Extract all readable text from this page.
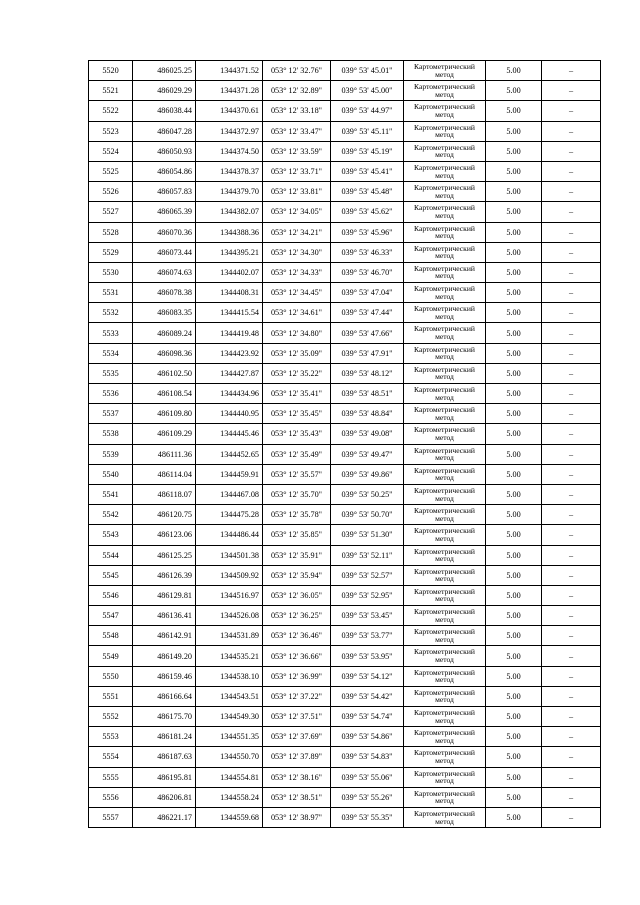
5520	486025.25	1344371.52	053° 12' 32.76"	039° 53' 45.01"	Картометрический метод	5.00	–
5521	486029.29	1344371.28	053° 12' 32.89"	039° 53' 45.00"	Картометрический метод	5.00	–
5522	486038.44	1344370.61	053° 12' 33.18"	039° 53' 44.97"	Картометрический метод	5.00	–
5523	486047.28	1344372.97	053° 12' 33.47"	039° 53' 45.11"	Картометрический метод	5.00	–
5524	486050.93	1344374.50	053° 12' 33.59"	039° 53' 45.19"	Картометрический метод	5.00	–
5525	486054.86	1344378.37	053° 12' 33.71"	039° 53' 45.41"	Картометрический метод	5.00	–
5526	486057.83	1344379.70	053° 12' 33.81"	039° 53' 45.48"	Картометрический метод	5.00	–
5527	486065.39	1344382.07	053° 12' 34.05"	039° 53' 45.62"	Картометрический метод	5.00	–
5528	486070.36	1344388.36	053° 12' 34.21"	039° 53' 45.96"	Картометрический метод	5.00	–
5529	486073.44	1344395.21	053° 12' 34.30"	039° 53' 46.33"	Картометрический метод	5.00	–
5530	486074.63	1344402.07	053° 12' 34.33"	039° 53' 46.70"	Картометрический метод	5.00	–
5531	486078.38	1344408.31	053° 12' 34.45"	039° 53' 47.04"	Картометрический метод	5.00	–
5532	486083.35	1344415.54	053° 12' 34.61"	039° 53' 47.44"	Картометрический метод	5.00	–
5533	486089.24	1344419.48	053° 12' 34.80"	039° 53' 47.66"	Картометрический метод	5.00	–
5534	486098.36	1344423.92	053° 12' 35.09"	039° 53' 47.91"	Картометрический метод	5.00	–
5535	486102.50	1344427.87	053° 12' 35.22"	039° 53' 48.12"	Картометрический метод	5.00	–
5536	486108.54	1344434.96	053° 12' 35.41"	039° 53' 48.51"	Картометрический метод	5.00	–
5537	486109.80	1344440.95	053° 12' 35.45"	039° 53' 48.84"	Картометрический метод	5.00	–
5538	486109.29	1344445.46	053° 12' 35.43"	039° 53' 49.08"	Картометрический метод	5.00	–
5539	486111.36	1344452.65	053° 12' 35.49"	039° 53' 49.47"	Картометрический метод	5.00	–
5540	486114.04	1344459.91	053° 12' 35.57"	039° 53' 49.86"	Картометрический метод	5.00	–
5541	486118.07	1344467.08	053° 12' 35.70"	039° 53' 50.25"	Картометрический метод	5.00	–
5542	486120.75	1344475.28	053° 12' 35.78"	039° 53' 50.70"	Картометрический метод	5.00	–
5543	486123.06	1344486.44	053° 12' 35.85"	039° 53' 51.30"	Картометрический метод	5.00	–
5544	486125.25	1344501.38	053° 12' 35.91"	039° 53' 52.11"	Картометрический метод	5.00	–
5545	486126.39	1344509.92	053° 12' 35.94"	039° 53' 52.57"	Картометрический метод	5.00	–
5546	486129.81	1344516.97	053° 12' 36.05"	039° 53' 52.95"	Картометрический метод	5.00	–
5547	486136.41	1344526.08	053° 12' 36.25"	039° 53' 53.45"	Картометрический метод	5.00	–
5548	486142.91	1344531.89	053° 12' 36.46"	039° 53' 53.77"	Картометрический метод	5.00	–
5549	486149.20	1344535.21	053° 12' 36.66"	039° 53' 53.95"	Картометрический метод	5.00	–
5550	486159.46	1344538.10	053° 12' 36.99"	039° 53' 54.12"	Картометрический метод	5.00	–
5551	486166.64	1344543.51	053° 12' 37.22"	039° 53' 54.42"	Картометрический метод	5.00	–
5552	486175.70	1344549.30	053° 12' 37.51"	039° 53' 54.74"	Картометрический метод	5.00	–
5553	486181.24	1344551.35	053° 12' 37.69"	039° 53' 54.86"	Картометрический метод	5.00	–
5554	486187.63	1344550.70	053° 12' 37.89"	039° 53' 54.83"	Картометрический метод	5.00	–
5555	486195.81	1344554.81	053° 12' 38.16"	039° 53' 55.06"	Картометрический метод	5.00	–
5556	486206.81	1344558.24	053° 12' 38.51"	039° 53' 55.26"	Картометрический метод	5.00	–
5557	486221.17	1344559.68	053° 12' 38.97"	039° 53' 55.35"	Картометрический метод	5.00	–
